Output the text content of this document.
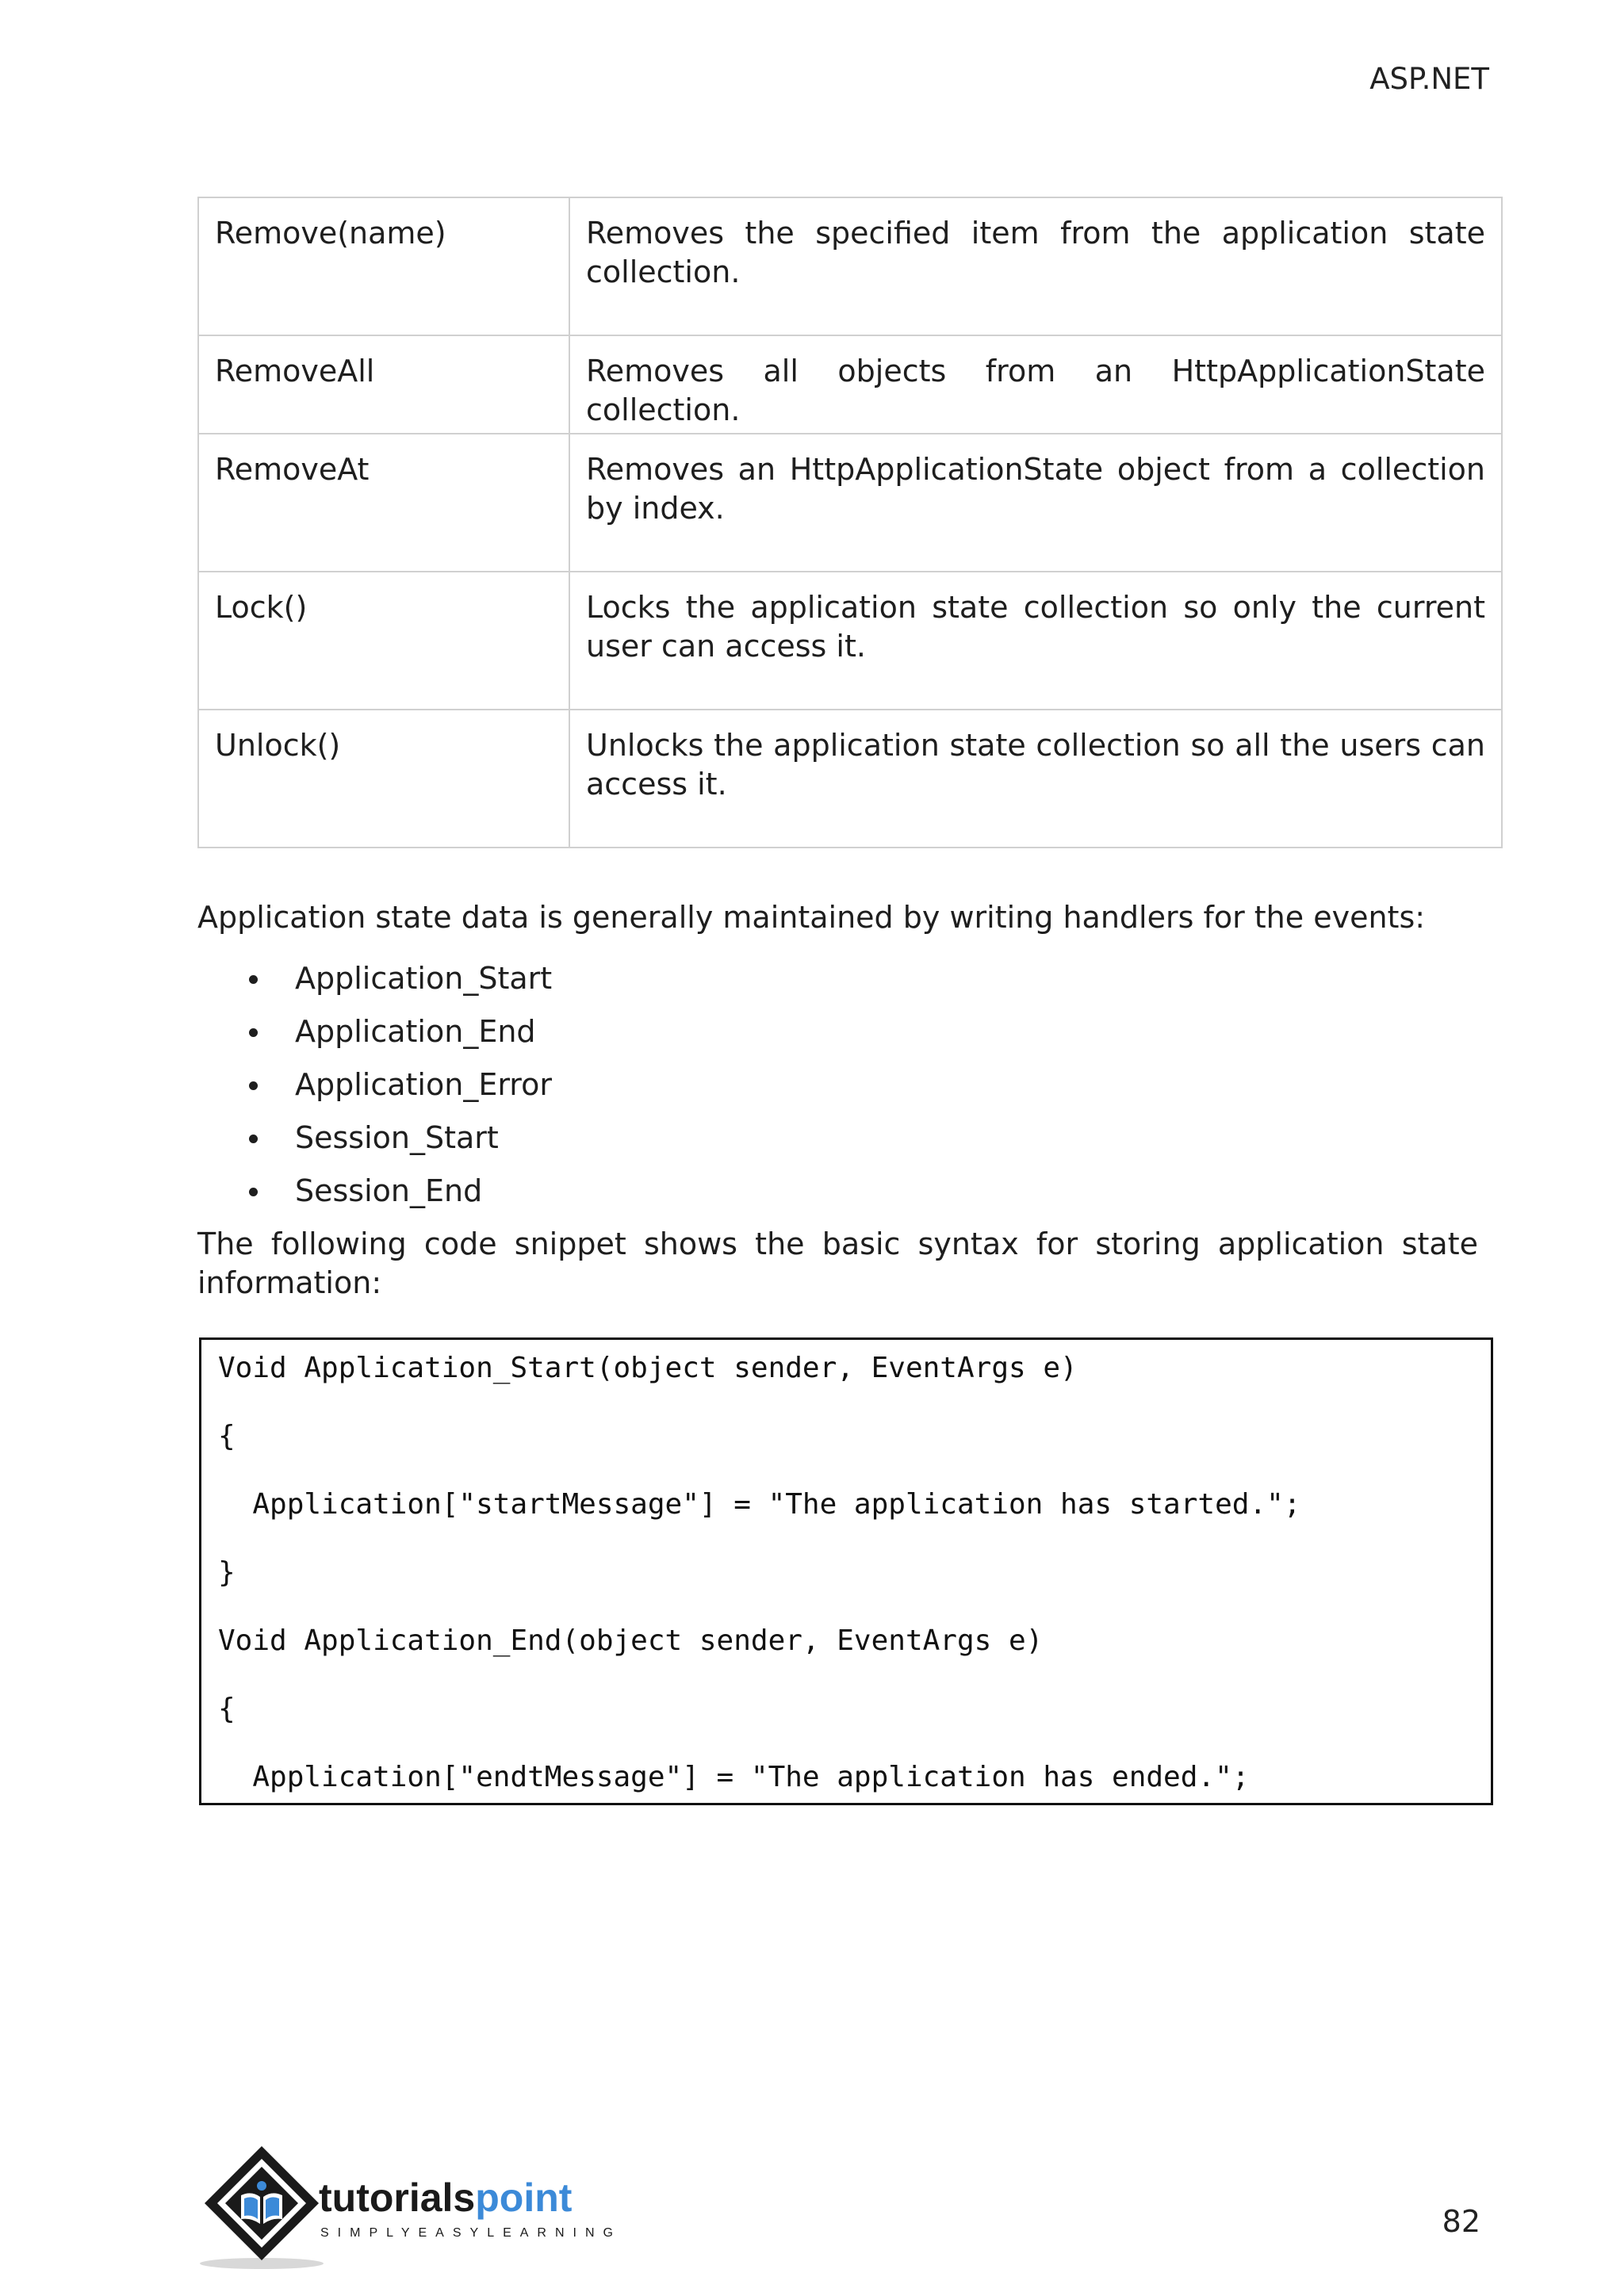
ASP.NET
Remove(name)	Removes the specified item from the application state collection.
RemoveAll	Removes all objects from an HttpApplicationState collection.
RemoveAt	Removes an HttpApplicationState object from a collection by index.
Lock()	Locks the application state collection so only the current user can access it.
Unlock()	Unlocks the application state collection so all the users can access it.
Application state data is generally maintained by writing handlers for the events:
Application_Start
Application_End
Application_Error
Session_Start
Session_End
The following code snippet shows the basic syntax for storing application state information:
Void Application_Start(object sender, EventArgs e)
{
Application["startMessage"] = "The application has started.";
}
Void Application_End(object sender, EventArgs e)
{
Application["endtMessage"] = "The application has ended.";
tutorialspoint
SIMPLYEASYLEARNING	82
